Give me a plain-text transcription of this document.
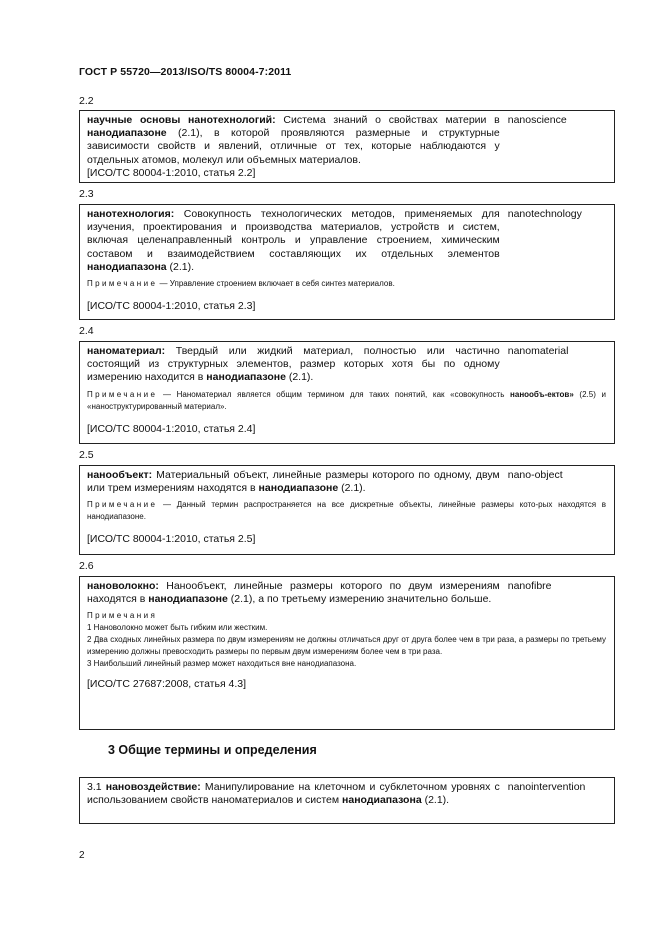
ГОСТ Р 55720—2013/ISO/TS 80004-7:2011
2.2
научные основы нанотехнологий: Система знаний о свойствах материи в нанодиапазоне (2.1), в которой проявляются размерные и структурные зависимости свойств и явлений, отличные от тех, которые наблюдаются у отдельных атомов, молекул или объемных материалов.
nanoscience
[ИСО/ТС 80004-1:2010, статья 2.2]
2.3
нанотехнология: Совокупность технологических методов, применяемых для изучения, проектирования и производства материалов, устройств и систем, включая целенаправленный контроль и управление строением, химическим составом и взаимодействием составляющих их отдельных элементов нанодиапазона (2.1).
nanotechnology
Примечание — Управление строением включает в себя синтез материалов.
[ИСО/ТС 80004-1:2010, статья 2.3]
2.4
наноматериал: Твердый или жидкий материал, полностью или частично состоящий из структурных элементов, размер которых хотя бы по одному измерению находится в нанодиапазоне (2.1).
nanomaterial
Примечание — Наноматериал является общим термином для таких понятий, как «совокупность нанообъ-ектов» (2.5) и «наноструктурированный материал».
[ИСО/ТС 80004-1:2010, статья 2.4]
2.5
нанообъект: Материальный объект, линейные размеры которого по одному, двум или трем измерениям находятся в нанодиапазоне (2.1).
nano-object
Примечание — Данный термин распространяется на все дискретные объекты, линейные размеры кото-рых находятся в нанодиапазоне.
[ИСО/ТС 80004-1:2010, статья 2.5]
2.6
нановолокно: Нанообъект, линейные размеры которого по двум измерениям находятся в нанодиапазоне (2.1), а по третьему измерению значительно больше.
nanofibre
Примечания
1 Нановолокно может быть гибким или жестким.
2 Два сходных линейных размера по двум измерениям не должны отличаться друг от друга более чем в три раза, а размеры по третьему измерению должны превосходить размеры по первым двум измерениям более чем в три раза.
3 Наибольший линейный размер может находиться вне нанодиапазона.
[ИСО/ТС 27687:2008, статья 4.3]
3 Общие термины и определения
3.1 нановоздействие: Манипулирование на клеточном и субклеточном уровнях с использованием свойств наноматериалов и систем нанодиапазона (2.1).
nanointervention
2
